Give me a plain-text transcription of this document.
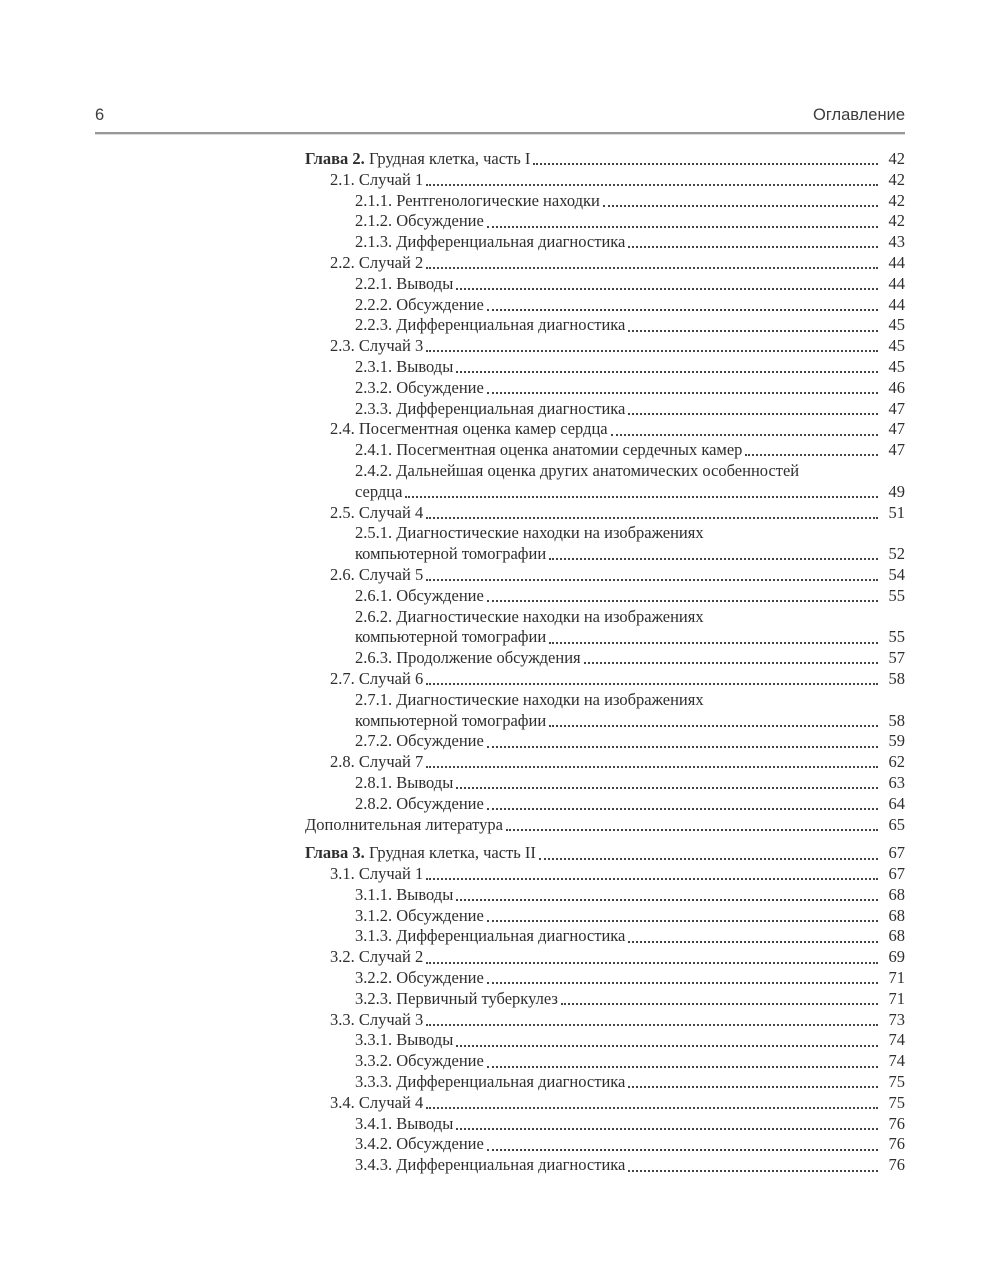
6	Оглавление
Глава 2. Грудная клетка, часть I	42
2.1. Случай 1	42
2.1.1. Рентгенологические находки	42
2.1.2. Обсуждение	42
2.1.3. Дифференциальная диагностика	43
2.2. Случай 2	44
2.2.1. Выводы	44
2.2.2. Обсуждение	44
2.2.3. Дифференциальная диагностика	45
2.3. Случай 3	45
2.3.1. Выводы	45
2.3.2. Обсуждение	46
2.3.3. Дифференциальная диагностика	47
2.4. Посегментная оценка камер сердца	47
2.4.1. Посегментная оценка анатомии сердечных камер	47
2.4.2. Дальнейшая оценка других анатомических особенностей
сердца	49
2.5. Случай 4	51
2.5.1. Диагностические находки на изображениях
компьютерной томографии	52
2.6. Случай 5	54
2.6.1. Обсуждение	55
2.6.2. Диагностические находки на изображениях
компьютерной томографии	55
2.6.3. Продолжение обсуждения	57
2.7. Случай 6	58
2.7.1. Диагностические находки на изображениях
компьютерной томографии	58
2.7.2. Обсуждение	59
2.8. Случай 7	62
2.8.1. Выводы	63
2.8.2. Обсуждение	64
Дополнительная литература	65
Глава 3. Грудная клетка, часть II	67
3.1. Случай 1	67
3.1.1. Выводы	68
3.1.2. Обсуждение	68
3.1.3. Дифференциальная диагностика	68
3.2. Случай 2	69
3.2.2. Обсуждение	71
3.2.3. Первичный туберкулез	71
3.3. Случай 3	73
3.3.1. Выводы	74
3.3.2. Обсуждение	74
3.3.3. Дифференциальная диагностика	75
3.4. Случай 4	75
3.4.1. Выводы	76
3.4.2. Обсуждение	76
3.4.3. Дифференциальная диагностика	76
